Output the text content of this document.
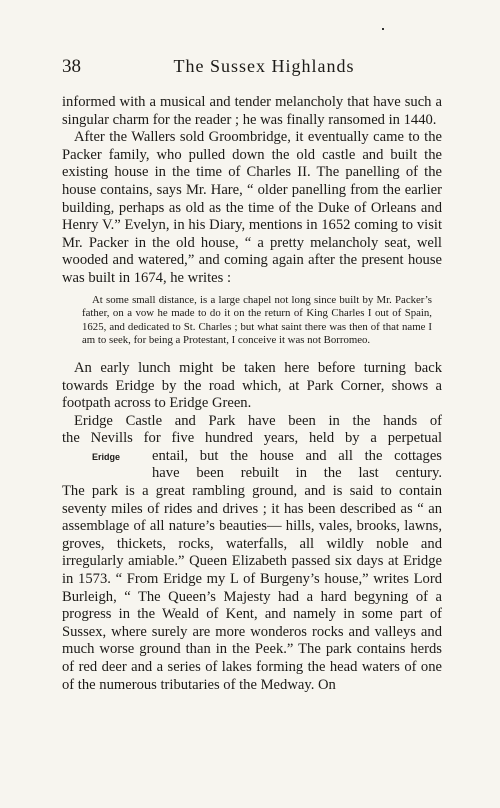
38	The Sussex Highlands

informed with a musical and tender melancholy that have such a singular charm for the reader ; he was finally ransomed in 1440.

After the Wallers sold Groombridge, it eventually came to the Packer family, who pulled down the old castle and built the existing house in the time of Charles II. The panelling of the house contains, says Mr. Hare, “ older panelling from the earlier building, perhaps as old as the time of the Duke of Orleans and Henry V.” Evelyn, in his Diary, mentions in 1652 coming to visit Mr. Packer in the old house, “ a pretty melancholy seat, well wooded and watered,” and coming again after the present house was built in 1674, he writes :

At some small distance, is a large chapel not long since built by Mr. Packer’s father, on a vow he made to do it on the return of King Charles I out of Spain, 1625, and dedicated to St. Charles ; but what saint there was then of that name I am to seek, for being a Protestant, I conceive it was not Borromeo.

An early lunch might be taken here before turning back towards Eridge by the road which, at Park Corner, shows a footpath across to Eridge Green.

Eridge

Eridge Castle and Park have been in the hands of

the Nevills for five hundred years, held by a perpetual

entail, but the house and all the cottages

have been rebuilt in the last century.

The park is a great rambling ground, and is said to contain seventy miles of rides and drives ; it has been described as “ an assemblage of all nature’s beauties— hills, vales, brooks, lawns, groves, thickets, rocks, waterfalls, all wildly noble and irregularly amiable.” Queen Elizabeth passed six days at Eridge in 1573. “ From Eridge my L of Burgeny’s house,” writes Lord Burleigh, “ The Queen’s Majesty had a hard begyning of a progress in the Weald of Kent, and namely in some part of Sussex, where surely are more wonderos rocks and valleys and much worse ground than in the Peek.” The park contains herds of red deer and a series of lakes forming the head waters of one of the numerous tributaries of the Medway. On
